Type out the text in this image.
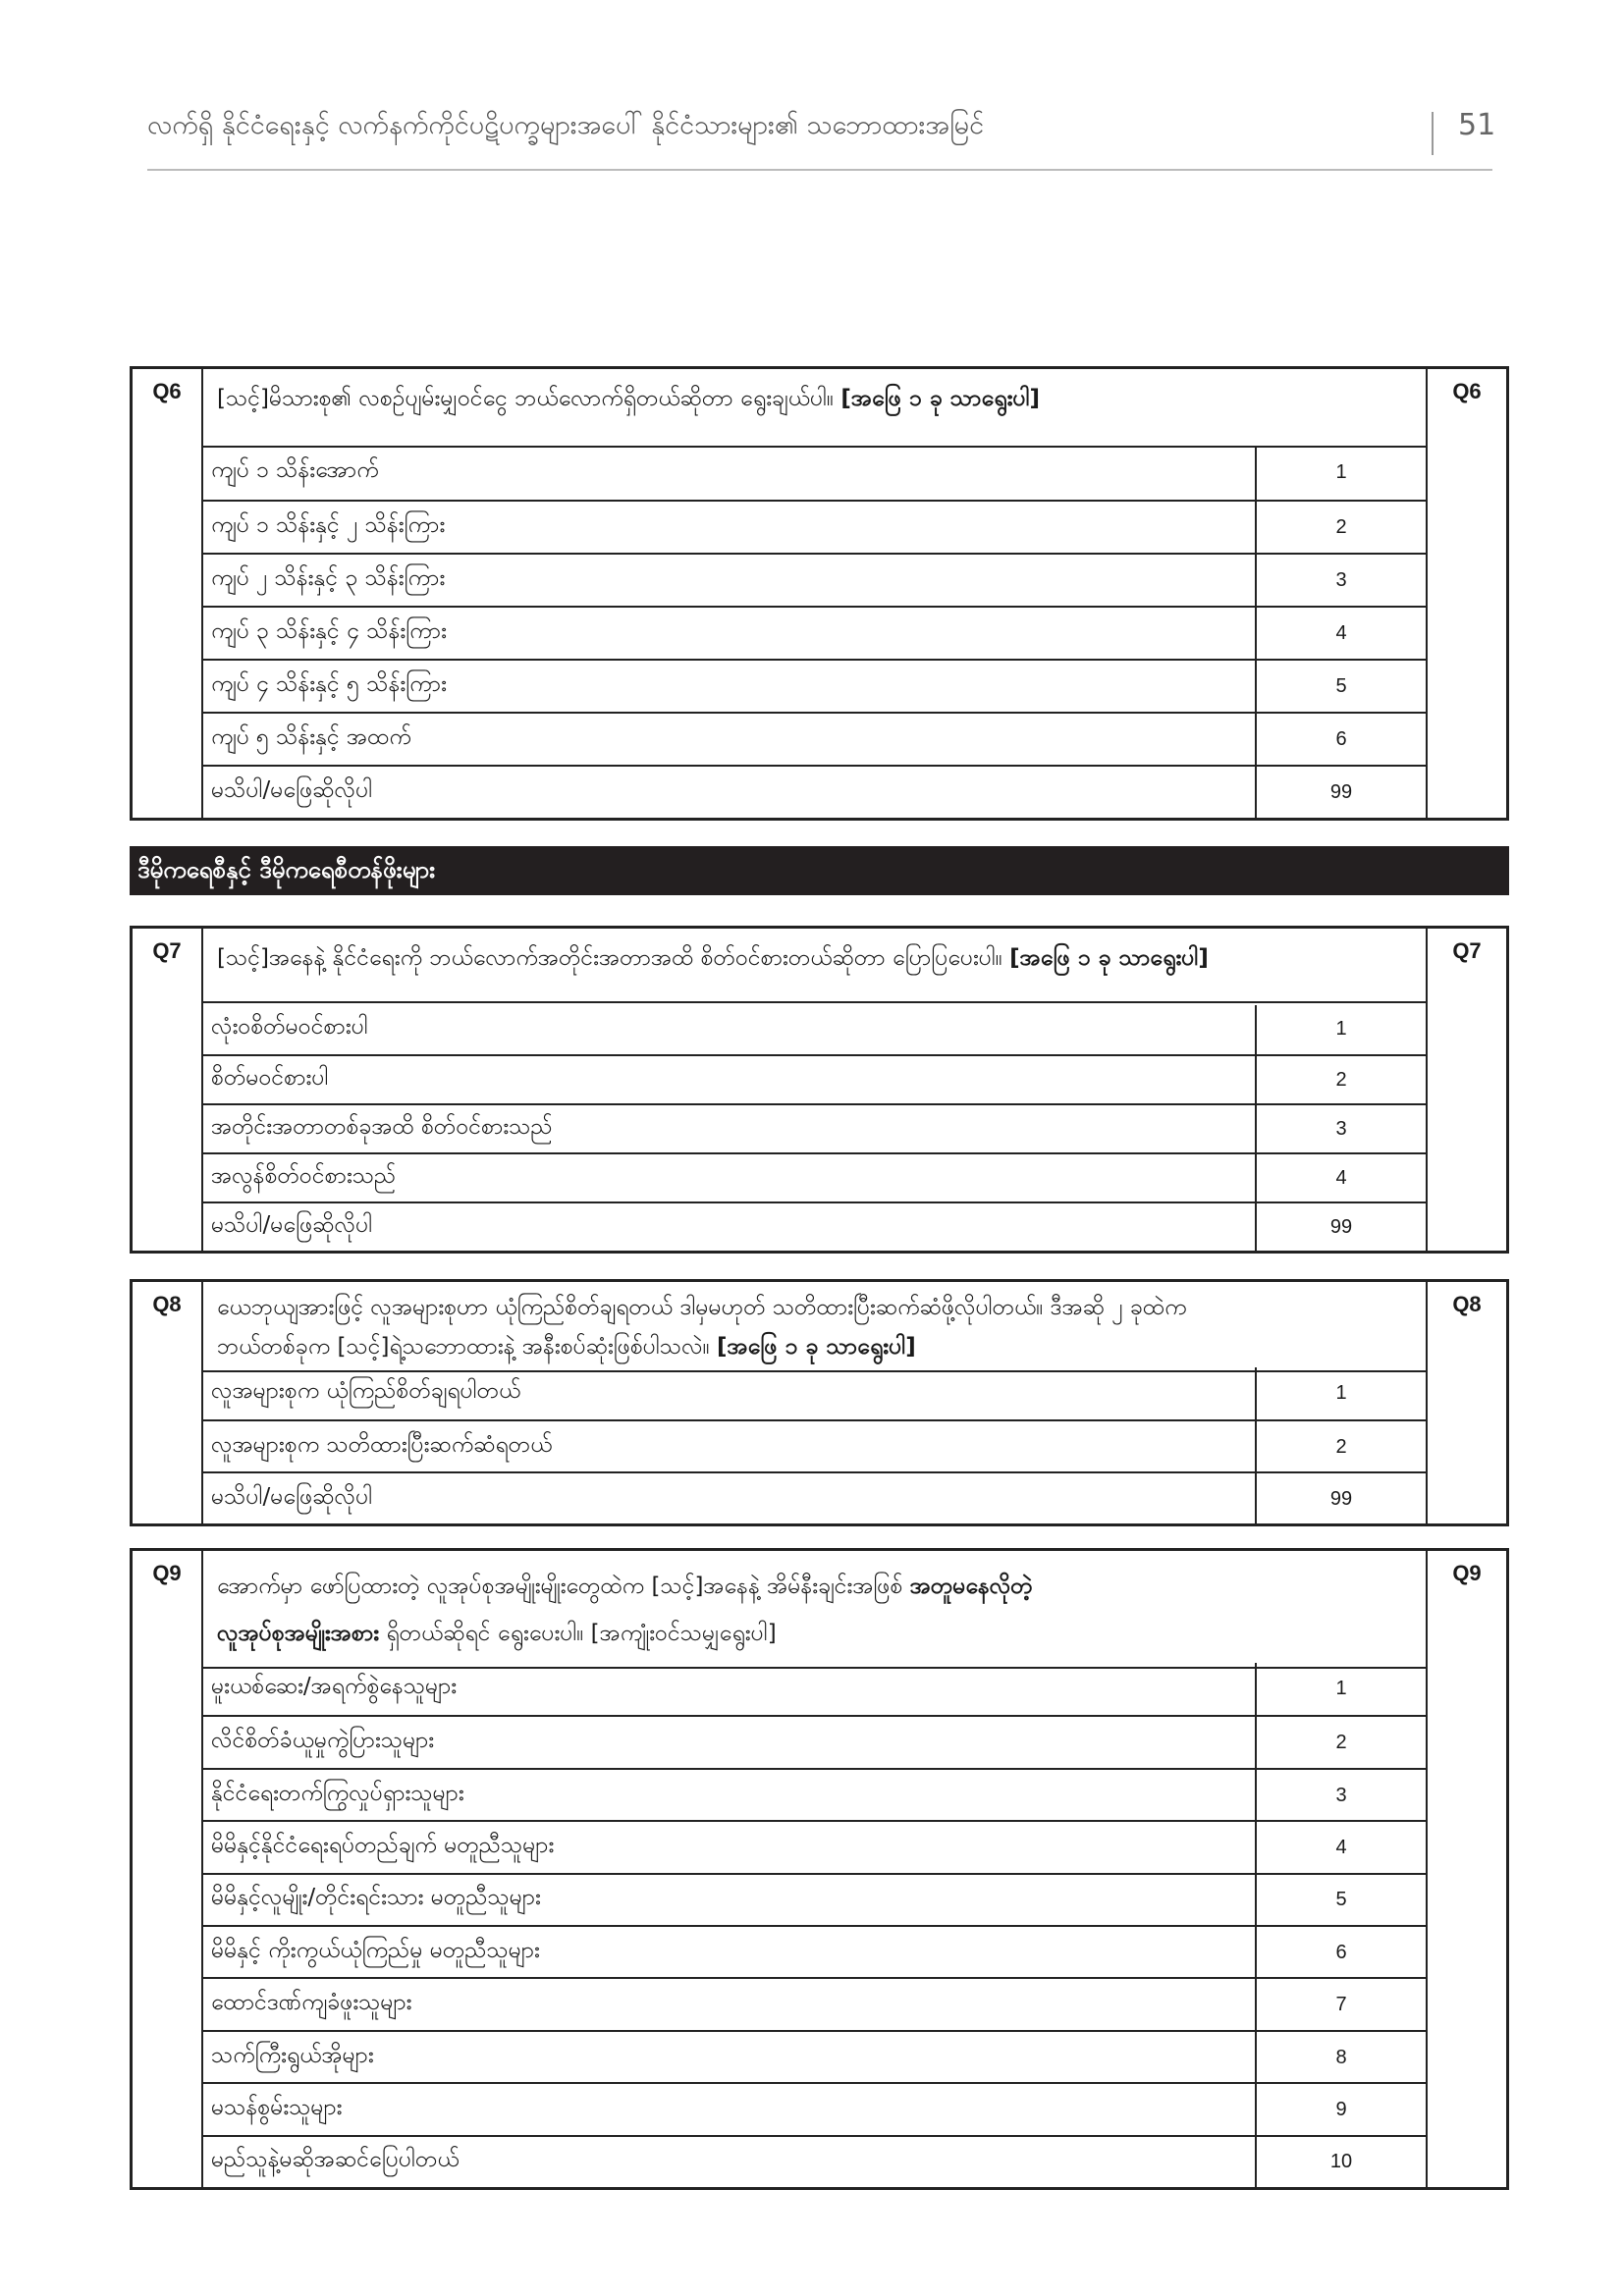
လက်ရှိ နိုင်ငံရေးနှင့် လက်နက်ကိုင်ပဋိပက္ခများအပေါ် နိုင်ငံသားများ၏ သဘောထားအမြင်	51
Q6	[သင့်]မိသားစု၏ လစဉ်ပျမ်းမျှဝင်ငွေ ဘယ်လောက်ရှိတယ်ဆိုတာ ရွေးချယ်ပါ။ [အဖြေ ၁ ခု သာရွေးပါ]	Q6
ကျပ် ၁ သိန်းအောက်	1
ကျပ် ၁ သိန်းနှင့် ၂ သိန်းကြား	2
ကျပ် ၂ သိန်းနှင့် ၃ သိန်းကြား	3
ကျပ် ၃ သိန်းနှင့် ၄ သိန်းကြား	4
ကျပ် ၄ သိန်းနှင့် ၅ သိန်းကြား	5
ကျပ် ၅ သိန်းနှင့် အထက်	6
မသိပါ/မဖြေဆိုလိုပါ	99
ဒီမိုကရေစီနှင့် ဒီမိုကရေစီတန်ဖိုးများ
Q7	[သင့်]အနေနဲ့ နိုင်ငံရေးကို ဘယ်လောက်အတိုင်းအတာအထိ စိတ်ဝင်စားတယ်ဆိုတာ ပြောပြပေးပါ။ [အဖြေ ၁ ခု သာရွေးပါ]	Q7
လုံးဝစိတ်မဝင်စားပါ	1
စိတ်မဝင်စားပါ	2
အတိုင်းအတာတစ်ခုအထိ စိတ်ဝင်စားသည်	3
အလွန်စိတ်ဝင်စားသည်	4
မသိပါ/မဖြေဆိုလိုပါ	99
Q8	ယေဘုယျအားဖြင့် လူအများစုဟာ ယုံကြည်စိတ်ချရတယ် ဒါမှမဟုတ် သတိထားပြီးဆက်ဆံဖို့လိုပါတယ်။ ဒီအဆို ၂ ခုထဲက
ဘယ်တစ်ခုက [သင့်]ရဲ့သဘောထားနဲ့ အနီးစပ်ဆုံးဖြစ်ပါသလဲ။ [အဖြေ ၁ ခု သာရွေးပါ]
Q8
လူအများစုက ယုံကြည်စိတ်ချရပါတယ်	1
လူအများစုက သတိထားပြီးဆက်ဆံရတယ်	2
မသိပါ/မဖြေဆိုလိုပါ	99
Q9
အောက်မှာ ဖော်ပြထားတဲ့ လူအုပ်စုအမျိုးမျိုးတွေထဲက [သင့်]အနေနဲ့ အိမ်နီးချင်းအဖြစ် အတူမနေလိုတဲ့
လူအုပ်စုအမျိုးအစား ရှိတယ်ဆိုရင် ရွေးပေးပါ။ [အကျုံးဝင်သမျှရွေးပါ]
Q9
မူးယစ်ဆေး/အရက်စွဲနေသူများ	1
လိင်စိတ်ခံယူမှုကွဲပြားသူများ	2
နိုင်ငံရေးတက်ကြွလှုပ်ရှားသူများ	3
မိမိနှင့်နိုင်ငံရေးရပ်တည်ချက် မတူညီသူများ	4
မိမိနှင့်လူမျိုး/တိုင်းရင်းသား မတူညီသူများ	5
မိမိနှင့် ကိုးကွယ်ယုံကြည်မှု မတူညီသူများ	6
ထောင်ဒဏ်ကျခံဖူးသူများ	7
သက်ကြီးရွယ်အိုများ	8
မသန်စွမ်းသူများ	9
မည်သူနဲ့မဆိုအဆင်ပြေပါတယ်	10
